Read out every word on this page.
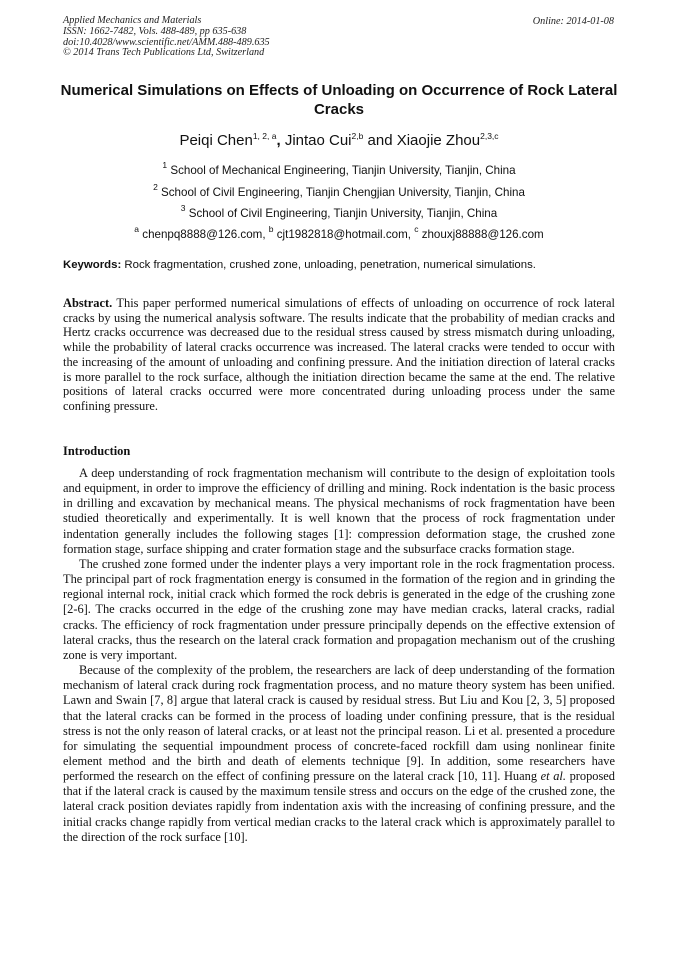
Applied Mechanics and Materials
ISSN: 1662-7482, Vols. 488-489, pp 635-638
doi:10.4028/www.scientific.net/AMM.488-489.635
© 2014 Trans Tech Publications Ltd, Switzerland
Online: 2014-01-08
Numerical Simulations on Effects of Unloading on Occurrence of Rock Lateral Cracks
Peiqi Chen$^{1, 2, a}$, Jintao Cui$^{2,b}$ and Xiaojie Zhou$^{2,3,c}$
$^1$ School of Mechanical Engineering, Tianjin University, Tianjin, China
$^2$ School of Civil Engineering, Tianjin Chengjian University, Tianjin, China
$^3$ School of Civil Engineering, Tianjin University, Tianjin, China
$^a$ chenpq8888@126.com, $^b$ cjt1982818@hotmail.com, $^c$ zhouxj88888@126.com
Keywords: Rock fragmentation, crushed zone, unloading, penetration, numerical simulations.
Abstract. This paper performed numerical simulations of effects of unloading on occurrence of rock lateral cracks by using the numerical analysis software. The results indicate that the probability of median cracks and Hertz cracks occurrence was decreased due to the residual stress caused by stress mismatch during unloading, while the probability of lateral cracks occurrence was increased. The lateral cracks were tended to occur with the increasing of the amount of unloading and confining pressure. And the initiation direction of lateral cracks is more parallel to the rock surface, although the initiation direction became the same at the end. The relative positions of lateral cracks occurred were more concentrated during unloading process under the same confining pressure.
Introduction

A deep understanding of rock fragmentation mechanism will contribute to the design of exploitation tools and equipment, in order to improve the efficiency of drilling and mining. Rock indentation is the basic process in drilling and excavation by mechanical means. The physical mechanisms of rock fragmentation have been studied theoretically and experimentally. It is well known that the process of rock fragmentation under indentation generally includes the following stages [1]: compression deformation stage, the crushed zone formation stage, surface shipping and crater formation stage and the subsurface cracks formation stage.

The crushed zone formed under the indenter plays a very important role in the rock fragmentation process. The principal part of rock fragmentation energy is consumed in the formation of the region and in grinding the regional internal rock, initial crack which formed the rock debris is generated in the edge of the crushing zone [2-6]. The cracks occurred in the edge of the crushing zone may have median cracks, lateral cracks, radial cracks. The efficiency of rock fragmentation under pressure principally depends on the effective extension of lateral cracks, thus the research on the lateral crack formation and propagation mechanism out of the crushing zone is very important.

Because of the complexity of the problem, the researchers are lack of deep understanding of the formation mechanism of lateral crack during rock fragmentation process, and no mature theory system has been unified. Lawn and Swain [7, 8] argue that lateral crack is caused by residual stress. But Liu and Kou [2, 3, 5] proposed that the lateral cracks can be formed in the process of loading under confining pressure, that is the residual stress is not the only reason of lateral cracks, or at least not the principal reason. Li et al. presented a procedure for simulating the sequential impoundment process of concrete-faced rockfill dam using nonlinear finite element method and the birth and death of elements technique [9]. In addition, some researchers have performed the research on the effect of confining pressure on the lateral crack [10, 11]. Huang et al. proposed that if the lateral crack is caused by the maximum tensile stress and occurs on the edge of the crushed zone, the lateral crack position deviates rapidly from indentation axis with the increasing of confining pressure, and the initial cracks change rapidly from vertical median cracks to the lateral crack which is approximately parallel to the direction of the rock surface [10].
